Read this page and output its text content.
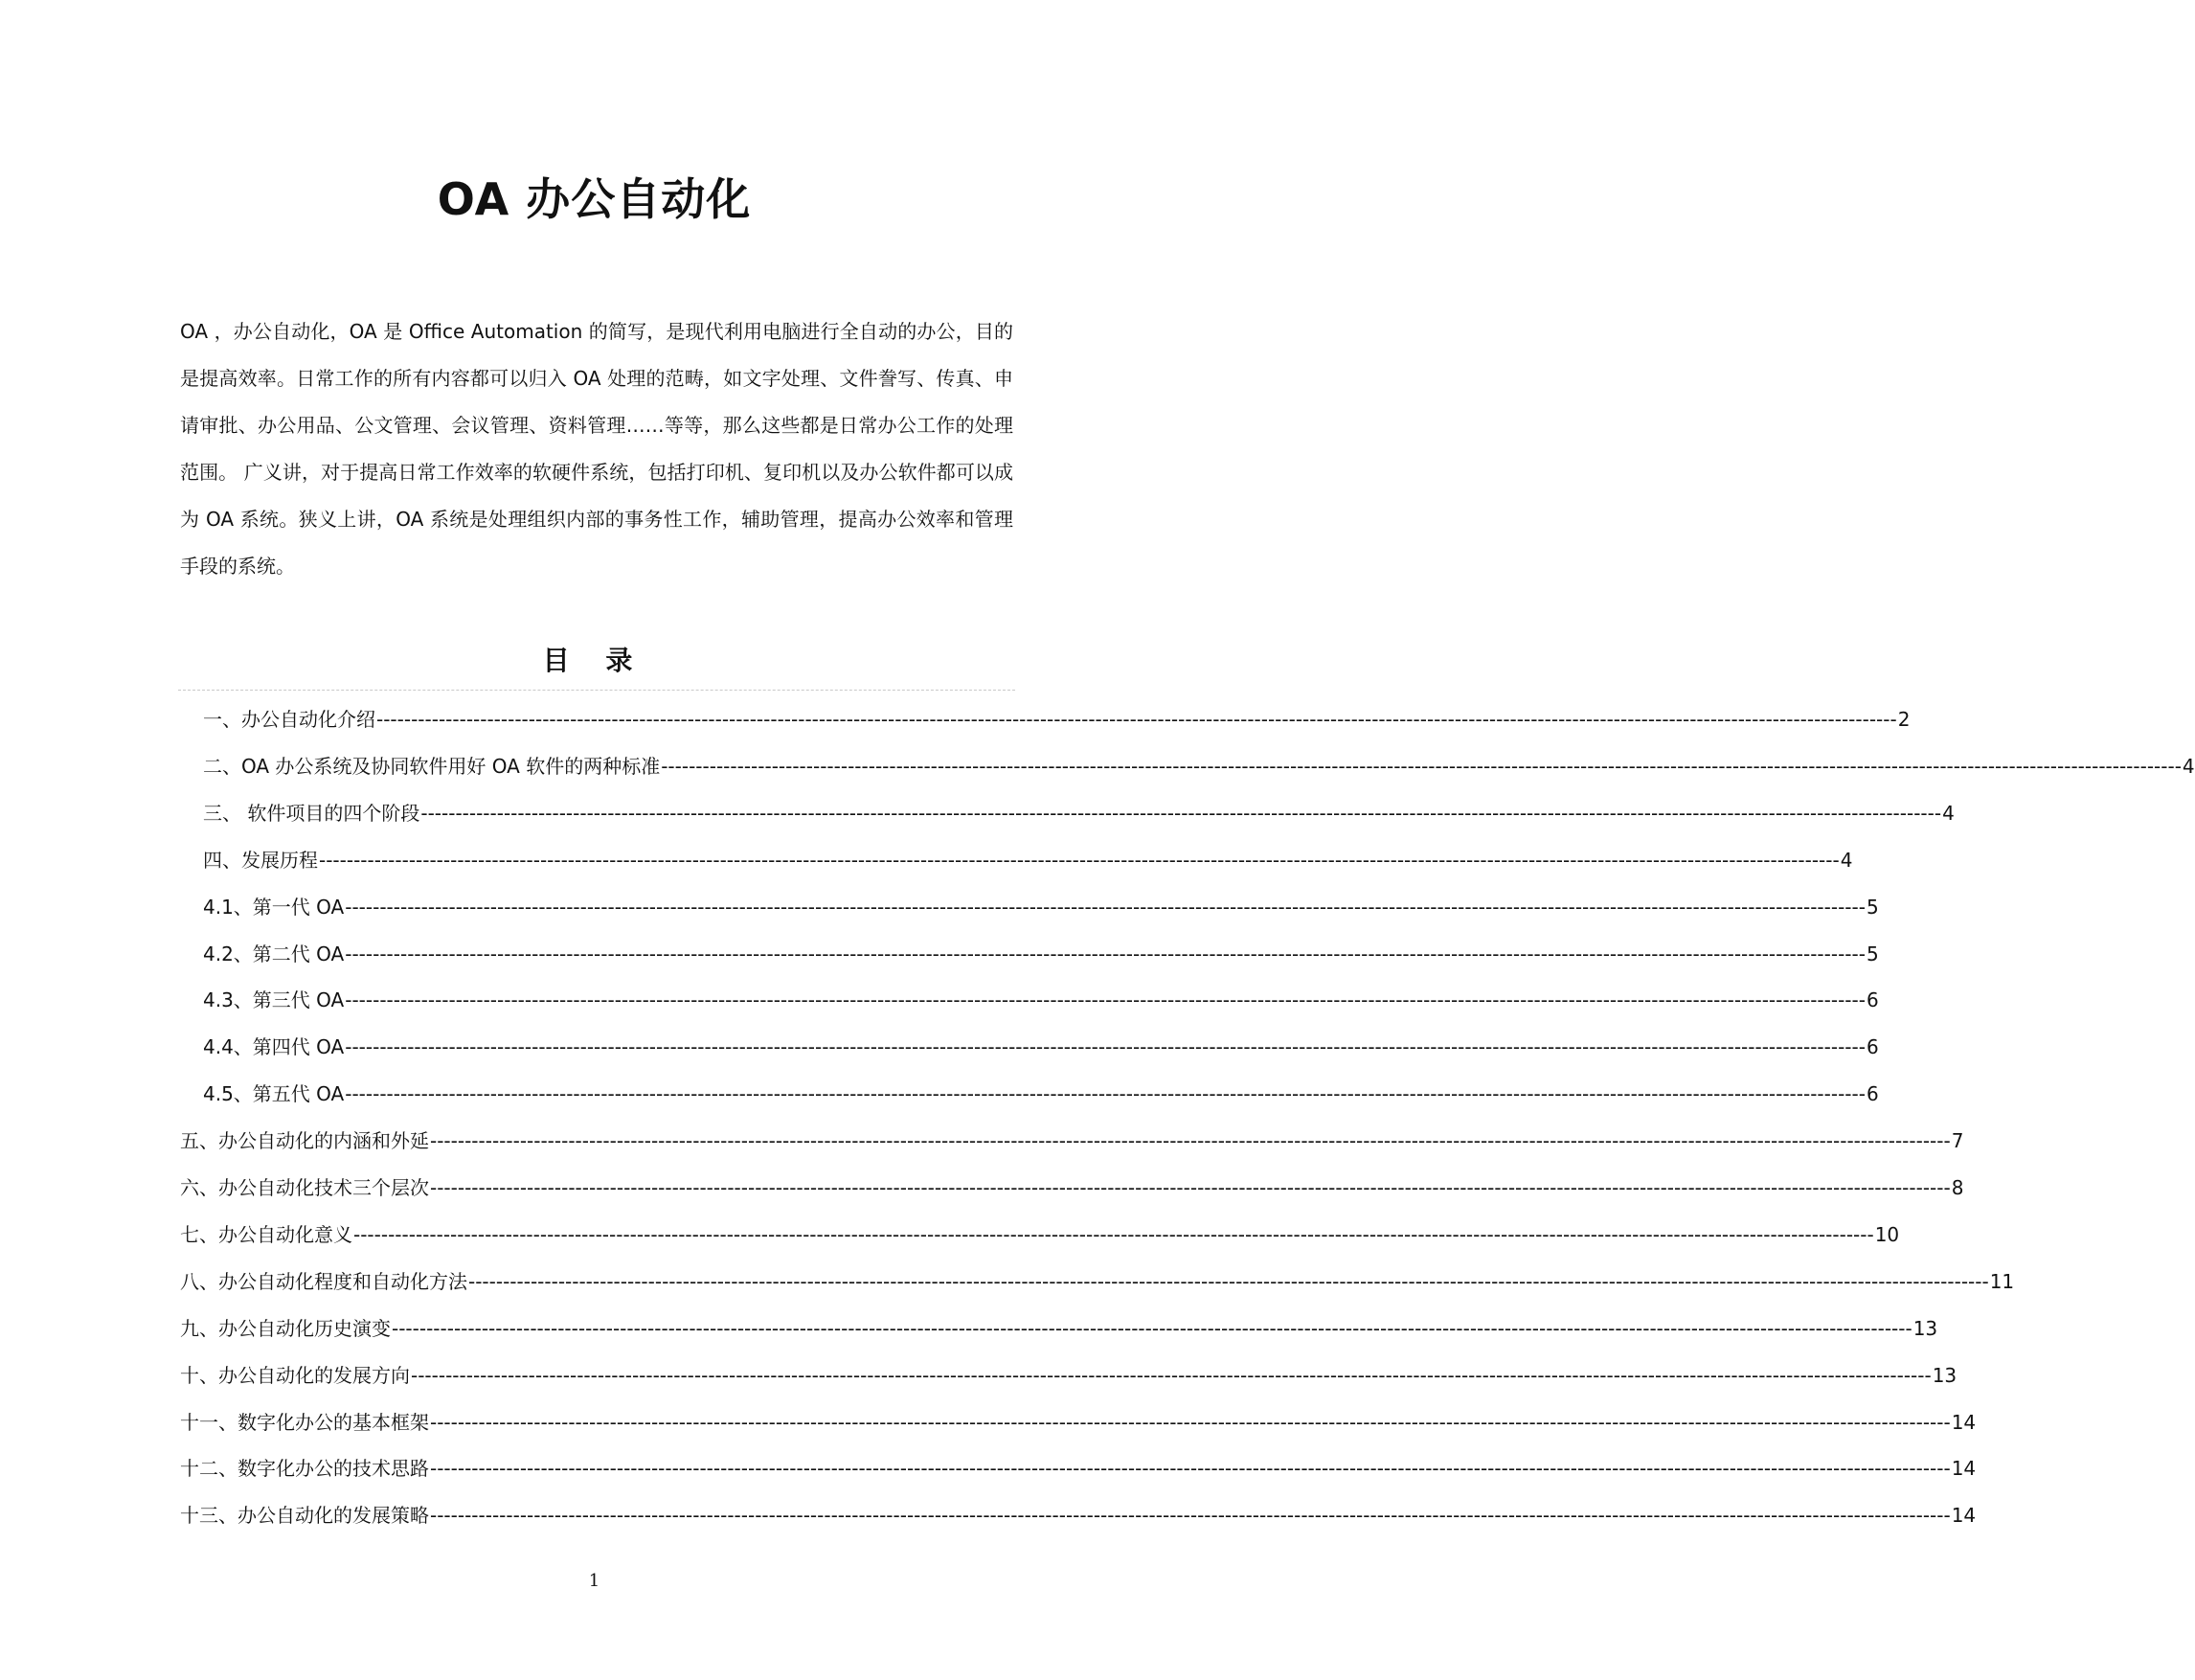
OA 办公自动化
OA ，办公自动化，OA 是 Office Automation 的简写，是现代利用电脑进行全自动的办公，目的是提高效率。日常工作的所有内容都可以归入 OA 处理的范畴，如文字处理、文件誊写、传真、申请审批、办公用品、公文管理、会议管理、资料管理……等等，那么这些都是日常办公工作的处理范围。 广义讲，对于提高日常工作效率的软硬件系统，包括打印机、复印机以及办公软件都可以成为 OA 系统。狭义上讲，OA 系统是处理组织内部的事务性工作，辅助管理，提高办公效率和管理手段的系统。
目 录
一、办公自动化介绍 ---------------------------------------------------------------------------------------------------------------------------------------------------------------------------------------------------------------------------- 2
二、OA 办公系统及协同软件用好 OA 软件的两种标准 ---------------------------------------------------------------------------------------------------------------------------------------------------------------------------------------------------------------------------- 4
三、 软件项目的四个阶段 ---------------------------------------------------------------------------------------------------------------------------------------------------------------------------------------------------------------------------- 4
四、发展历程 ---------------------------------------------------------------------------------------------------------------------------------------------------------------------------------------------------------------------------- 4
4.1、第一代 OA ---------------------------------------------------------------------------------------------------------------------------------------------------------------------------------------------------------------------------- 5
4.2、第二代 OA ---------------------------------------------------------------------------------------------------------------------------------------------------------------------------------------------------------------------------- 5
4.3、第三代 OA ---------------------------------------------------------------------------------------------------------------------------------------------------------------------------------------------------------------------------- 6
4.4、第四代 OA ---------------------------------------------------------------------------------------------------------------------------------------------------------------------------------------------------------------------------- 6
4.5、第五代 OA ---------------------------------------------------------------------------------------------------------------------------------------------------------------------------------------------------------------------------- 6
五、办公自动化的内涵和外延 ---------------------------------------------------------------------------------------------------------------------------------------------------------------------------------------------------------------------------- 7
六、办公自动化技术三个层次 ---------------------------------------------------------------------------------------------------------------------------------------------------------------------------------------------------------------------------- 8
七、办公自动化意义 ---------------------------------------------------------------------------------------------------------------------------------------------------------------------------------------------------------------------------- 10
八、办公自动化程度和自动化方法 ---------------------------------------------------------------------------------------------------------------------------------------------------------------------------------------------------------------------------- 11
九、办公自动化历史演变 ---------------------------------------------------------------------------------------------------------------------------------------------------------------------------------------------------------------------------- 13
十、办公自动化的发展方向 ---------------------------------------------------------------------------------------------------------------------------------------------------------------------------------------------------------------------------- 13
十一、数字化办公的基本框架 ---------------------------------------------------------------------------------------------------------------------------------------------------------------------------------------------------------------------------- 14
十二、数字化办公的技术思路 ---------------------------------------------------------------------------------------------------------------------------------------------------------------------------------------------------------------------------- 14
十三、办公自动化的发展策略 ---------------------------------------------------------------------------------------------------------------------------------------------------------------------------------------------------------------------------- 14
1
